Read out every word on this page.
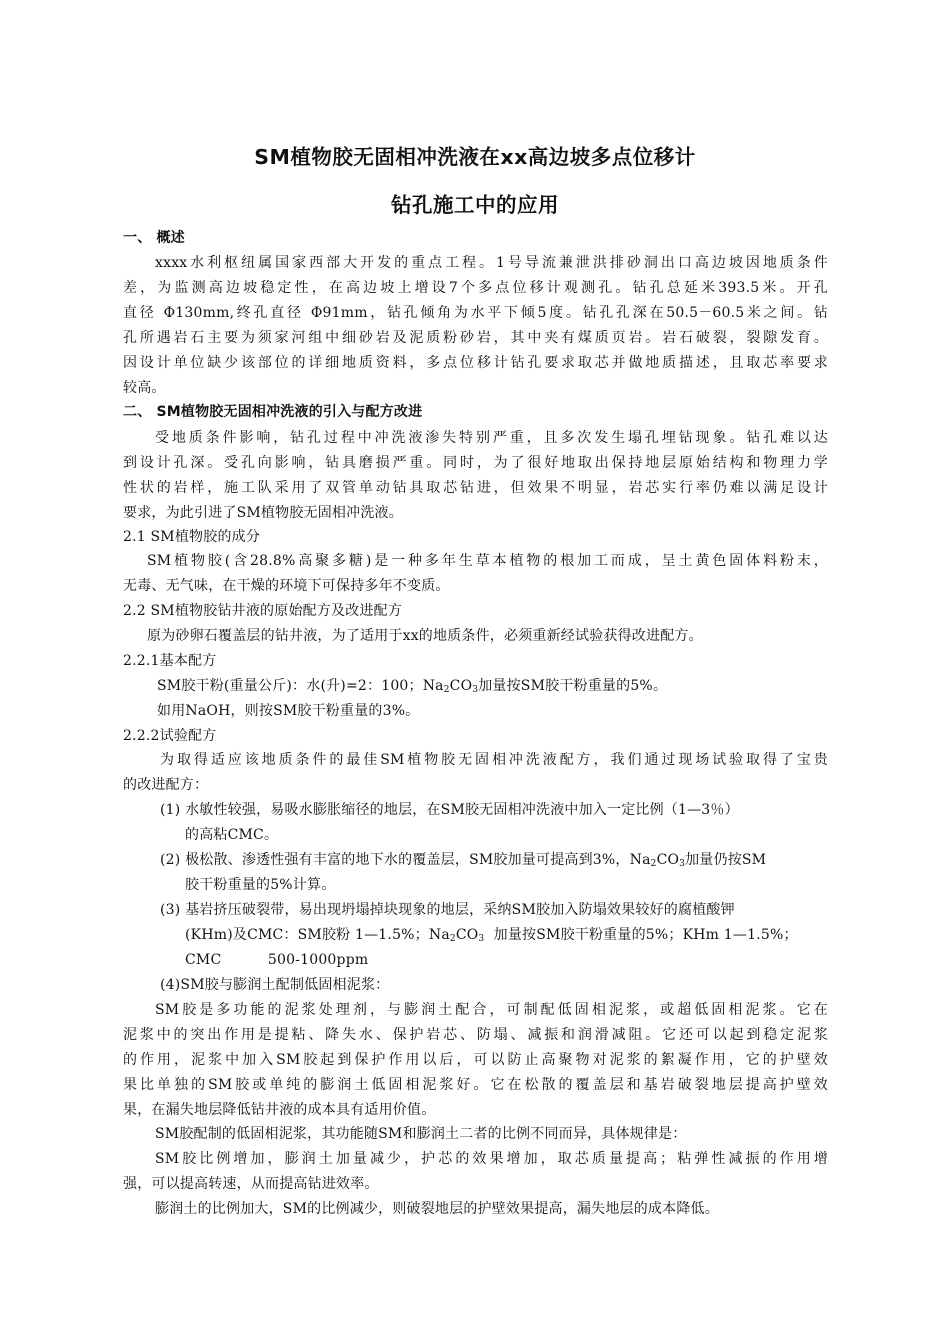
SM植物胶无固相冲洗液在xx高边坡多点位移计
钻孔施工中的应用
一、 概述
xxxx水利枢纽属国家西部大开发的重点工程。1号导流兼泄洪排砂洞出口高边坡因地质条件
差，为监测高边坡稳定性，在高边坡上增设7个多点位移计观测孔。钻孔总延米393.5米。开孔
直径 Φ130mm,终孔直径 Φ91mm，钻孔倾角为水平下倾5度。钻孔孔深在50.5－60.5米之间。钻
孔所遇岩石主要为须家河组中细砂岩及泥质粉砂岩，其中夹有煤质页岩。岩石破裂，裂隙发育。
因设计单位缺少该部位的详细地质资料，多点位移计钻孔要求取芯并做地质描述，且取芯率要求
较高。
二、 SM植物胶无固相冲洗液的引入与配方改进
受地质条件影响，钻孔过程中冲洗液渗失特别严重，且多次发生塌孔埋钻现象。钻孔难以达
到设计孔深。受孔向影响，钻具磨损严重。同时，为了很好地取出保持地层原始结构和物理力学
性状的岩样，施工队采用了双管单动钻具取芯钻进，但效果不明显，岩芯实行率仍难以满足设计
要求，为此引进了SM植物胶无固相冲洗液。
2.1 SM植物胶的成分
SM植物胶(含28.8%高聚多糖)是一种多年生草本植物的根加工而成，呈土黄色固体料粉末，
无毒、无气味，在干燥的环境下可保持多年不变质。
2.2 SM植物胶钻井液的原始配方及改进配方
原为砂卵石覆盖层的钻井液，为了适用于xx的地质条件，必须重新经试验获得改进配方。
2.2.1基本配方
SM胶干粉(重量公斤)：水(升)=2：100；$Na_2CO_3$加量按SM胶干粉重量的5%。
如用NaOH，则按SM胶干粉重量的3%。
2.2.2试验配方
为取得适应该地质条件的最佳SM植物胶无固相冲洗液配方，我们通过现场试验取得了宝贵
的改进配方：
(1) 水敏性较强，易吸水膨胀缩径的地层，在SM胶无固相冲洗液中加入一定比例（1—3％）
的高粘CMC。
(2) 极松散、渗透性强有丰富的地下水的覆盖层，SM胶加量可提高到3%，$Na_2CO_3$加量仍按SM
胶干粉重量的5%计算。
(3) 基岩挤压破裂带，易出现坍塌掉块现象的地层，采纳SM胶加入防塌效果较好的腐植酸钾
(KHm)及CMC：SM胶粉 1—1.5%；$Na_2CO_3$  加量按SM胶干粉重量的5%；KHm 1—1.5%；
CMC          500-1000ppm
(4)SM胶与膨润土配制低固相泥浆：
SM胶是多功能的泥浆处理剂，与膨润土配合，可制配低固相泥浆，或超低固相泥浆。它在
泥浆中的突出作用是提粘、降失水、保护岩芯、防塌、减振和润滑减阻。它还可以起到稳定泥浆
的作用，泥浆中加入SM胶起到保护作用以后，可以防止高聚物对泥浆的絮凝作用，它的护壁效
果比单独的SM胶或单纯的膨润土低固相泥浆好。它在松散的覆盖层和基岩破裂地层提高护壁效
果，在漏失地层降低钻井液的成本具有适用价值。
SM胶配制的低固相泥浆，其功能随SM和膨润土二者的比例不同而异，具体规律是：
SM胶比例增加，膨润土加量减少，护芯的效果增加，取芯质量提高；粘弹性减振的作用增
强，可以提高转速，从而提高钻进效率。
膨润土的比例加大，SM的比例减少，则破裂地层的护壁效果提高，漏失地层的成本降低。
